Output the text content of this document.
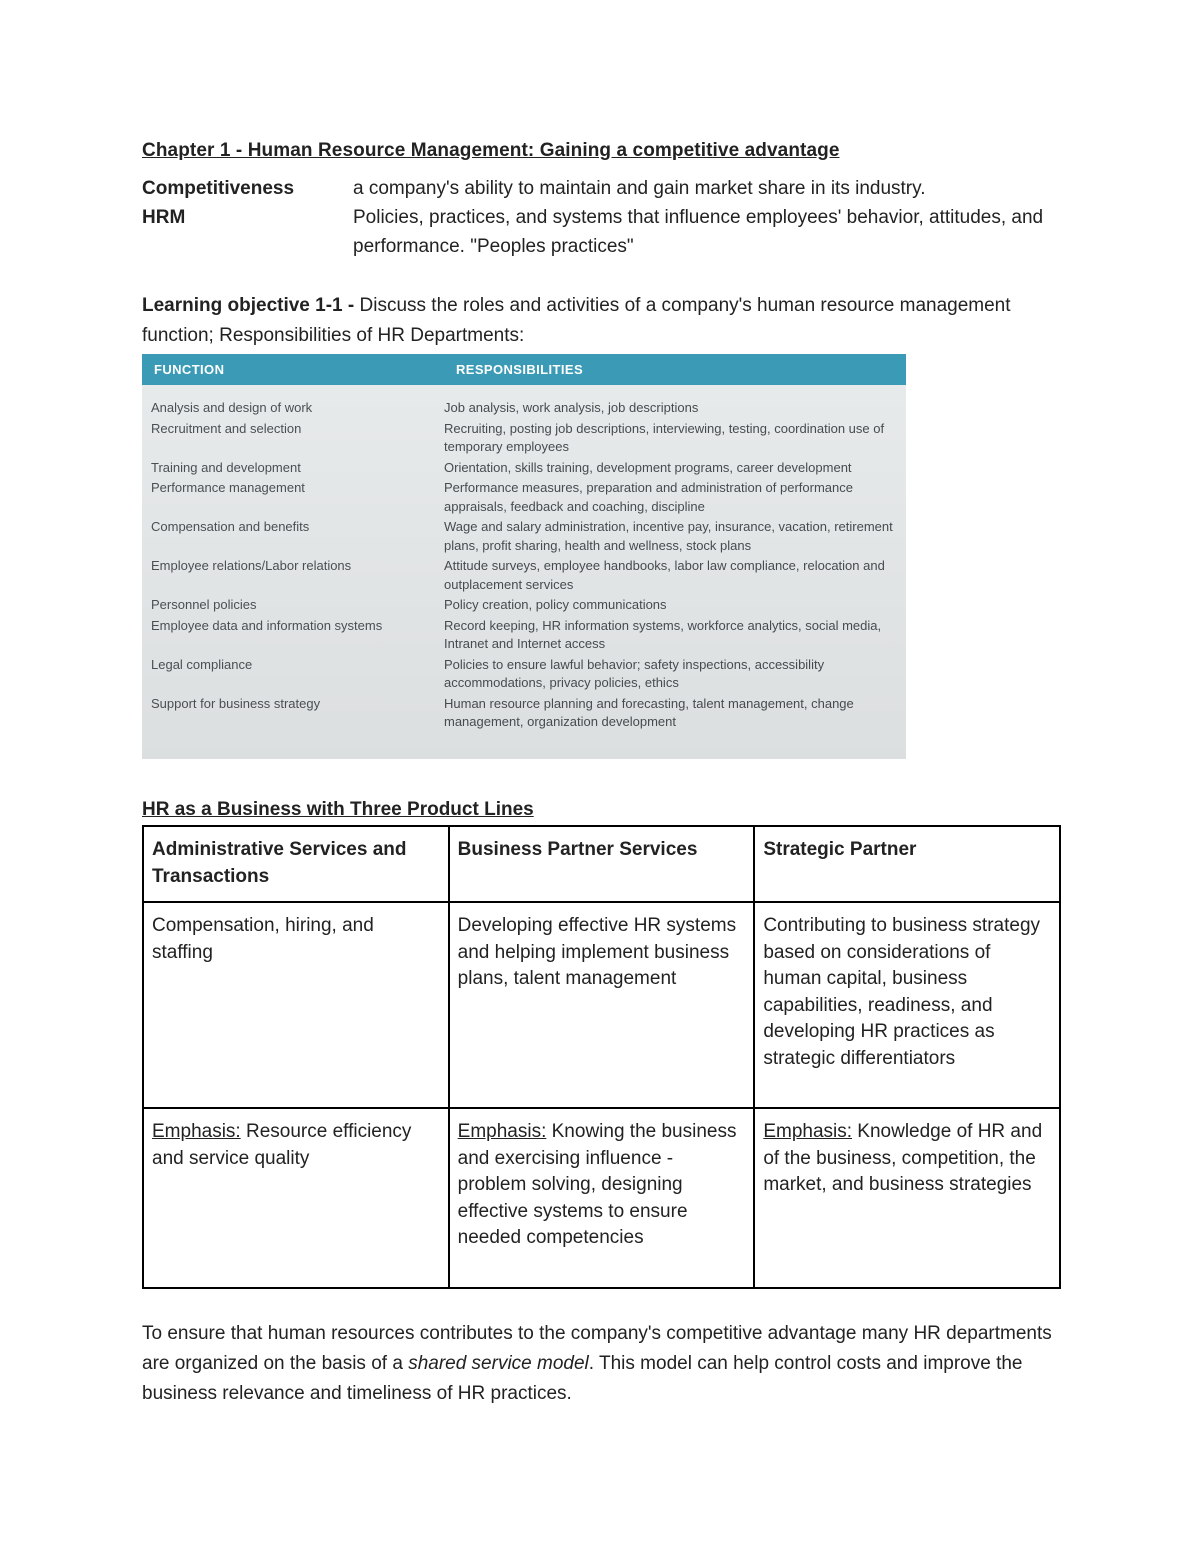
Chapter 1 - Human Resource Management: Gaining a competitive advantage
Competitiveness	a company's ability to maintain and gain market share in its industry.
HRM	Policies, practices, and systems that influence employees' behavior, attitudes, and performance. "Peoples practices"
Learning objective 1-1 - Discuss the roles and activities of a company's human resource management function; Responsibilities of HR Departments:
FUNCTION	RESPONSIBILITIES
Analysis and design of work	Job analysis, work analysis, job descriptions
Recruitment and selection	Recruiting, posting job descriptions, interviewing, testing, coordination use of temporary employees
Training and development	Orientation, skills training, development programs, career development
Performance management	Performance measures, preparation and administration of performance appraisals, feedback and coaching, discipline
Compensation and benefits	Wage and salary administration, incentive pay, insurance, vacation, retirement plans, profit sharing, health and wellness, stock plans
Employee relations/Labor relations	Attitude surveys, employee handbooks, labor law compliance, relocation and outplacement services
Personnel policies	Policy creation, policy communications
Employee data and information systems	Record keeping, HR information systems, workforce analytics, social media, Intranet and Internet access
Legal compliance	Policies to ensure lawful behavior; safety inspections, accessibility accommodations, privacy policies, ethics
Support for business strategy	Human resource planning and forecasting, talent management, change management, organization development
HR as a Business with Three Product Lines
Administrative Services and Transactions	Business Partner Services	Strategic Partner
Compensation, hiring, and staffing	Developing effective HR systems and helping implement business plans, talent management	Contributing to business strategy based on considerations of human capital, business capabilities, readiness, and developing HR practices as strategic differentiators
Emphasis: Resource efficiency and service quality	Emphasis: Knowing the business and exercising influence - problem solving, designing effective systems to ensure needed competencies	Emphasis: Knowledge of HR and of the business, competition, the market, and business strategies
To ensure that human resources contributes to the company's competitive advantage many HR departments are organized on the basis of a shared service model. This model can help control costs and improve the business relevance and timeliness of HR practices.
